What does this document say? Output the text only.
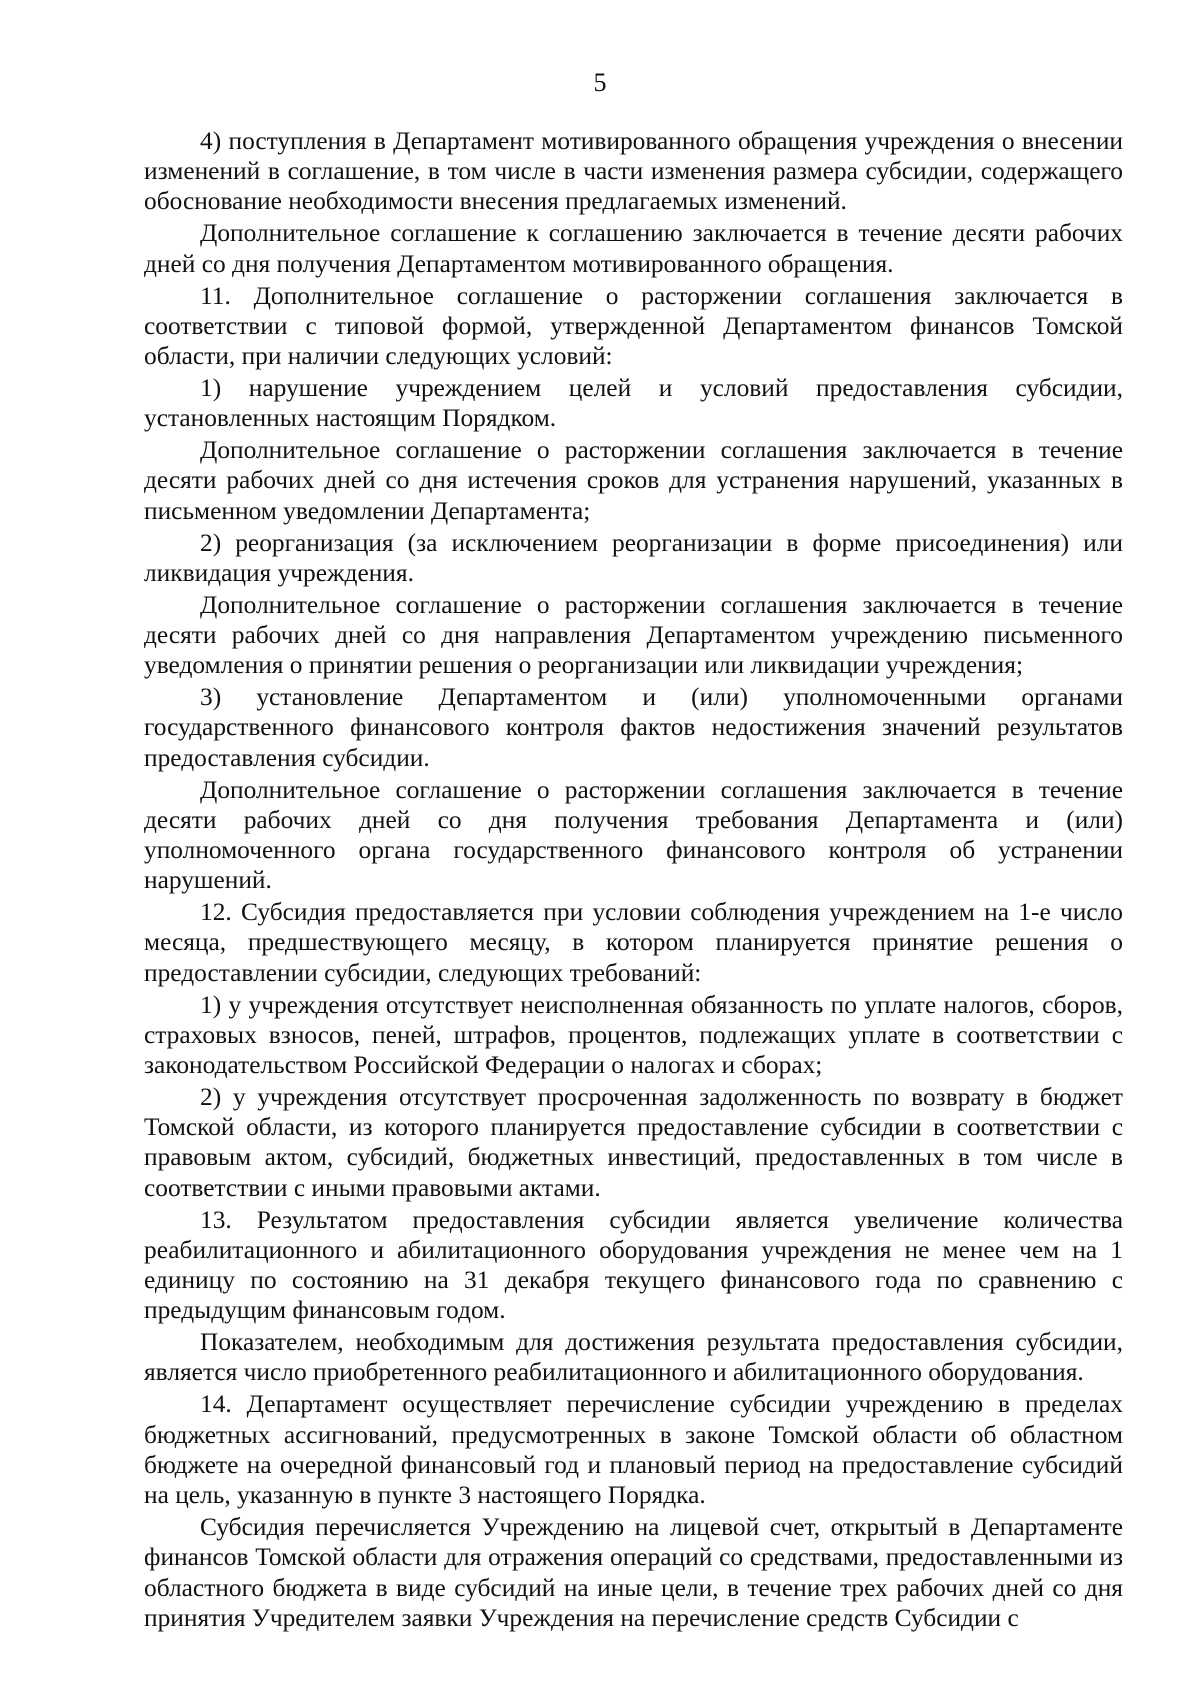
5

4) поступления в Департамент мотивированного обращения учреждения о внесении изменений в соглашение, в том числе в части изменения размера субсидии, содержащего обоснование необходимости внесения предлагаемых изменений.

Дополнительное соглашение к соглашению заключается в течение десяти рабочих дней со дня получения Департаментом мотивированного обращения.

11. Дополнительное соглашение о расторжении соглашения заключается в соответствии с типовой формой, утвержденной Департаментом финансов Томской области, при наличии следующих условий:

1) нарушение учреждением целей и условий предоставления субсидии, установленных настоящим Порядком.

Дополнительное соглашение о расторжении соглашения заключается в течение десяти рабочих дней со дня истечения сроков для устранения нарушений, указанных в письменном уведомлении Департамента;

2) реорганизация (за исключением реорганизации в форме присоединения) или ликвидация учреждения.

Дополнительное соглашение о расторжении соглашения заключается в течение десяти рабочих дней со дня направления Департаментом учреждению письменного уведомления о принятии решения о реорганизации или ликвидации учреждения;

3) установление Департаментом и (или) уполномоченными органами государственного финансового контроля фактов недостижения значений результатов предоставления субсидии.

Дополнительное соглашение о расторжении соглашения заключается в течение десяти рабочих дней со дня получения требования Департамента и (или) уполномоченного органа государственного финансового контроля об устранении нарушений.

12. Субсидия предоставляется при условии соблюдения учреждением на 1-е число месяца, предшествующего месяцу, в котором планируется принятие решения о предоставлении субсидии, следующих требований:

1) у учреждения отсутствует неисполненная обязанность по уплате налогов, сборов, страховых взносов, пеней, штрафов, процентов, подлежащих уплате в соответствии с законодательством Российской Федерации о налогах и сборах;

2) у учреждения отсутствует просроченная задолженность по возврату в бюджет Томской области, из которого планируется предоставление субсидии в соответствии с правовым актом, субсидий, бюджетных инвестиций, предоставленных в том числе в соответствии с иными правовыми актами.

13. Результатом предоставления субсидии является увеличение количества реабилитационного и абилитационного оборудования учреждения не менее чем на 1 единицу по состоянию на 31 декабря текущего финансового года по сравнению с предыдущим финансовым годом.

Показателем, необходимым для достижения результата предоставления субсидии, является число приобретенного реабилитационного и абилитационного оборудования.

14. Департамент осуществляет перечисление субсидии учреждению в пределах бюджетных ассигнований, предусмотренных в законе Томской области об областном бюджете на очередной финансовый год и плановый период на предоставление субсидий на цель, указанную в пункте 3 настоящего Порядка.

Субсидия перечисляется Учреждению на лицевой счет, открытый в Департаменте финансов Томской области для отражения операций со средствами, предоставленными из областного бюджета в виде субсидий на иные цели, в течение трех рабочих дней со дня принятия Учредителем заявки Учреждения на перечисление средств Субсидии с
